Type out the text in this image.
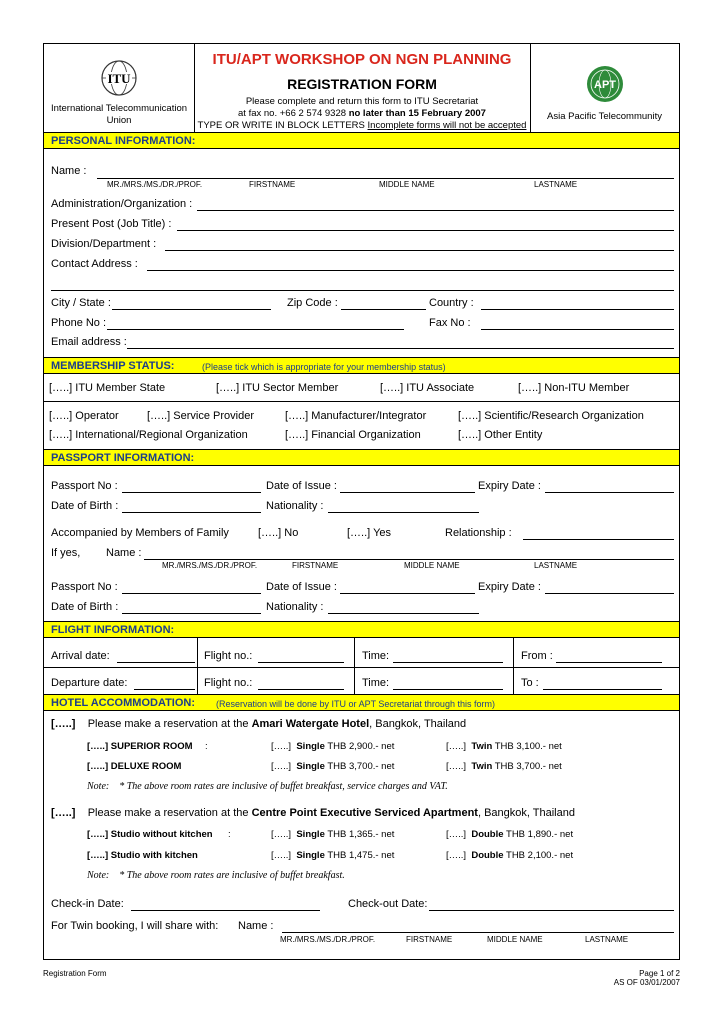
ITU
International Telecommunication Union
ITU/APT WORKSHOP ON NGN PLANNING
REGISTRATION FORM
Please complete and return this form to ITU Secretariat
at fax no. +66 2 574 9328 no later than 15 February 2007
TYPE OR WRITE IN BLOCK LETTERS Incomplete forms will not be accepted
APT
Asia Pacific Telecommunity
PERSONAL INFORMATION:
Name :
MR./MRS./MS./DR./PROF.	FIRSTNAME	MIDDLE NAME	LASTNAME
Administration/Organization :
Present Post (Job Title) :
Division/Department :
Contact Address :
City / State :	Zip Code :	Country :
Phone No :	Fax No :
Email address :
MEMBERSHIP STATUS:	(Please tick which is appropriate for your membership status)
[…..] ITU Member State	[…..] ITU Sector Member	[…..] ITU Associate	[…..] Non-ITU Member
[…..] Operator	[…..] Service Provider	[…..] Manufacturer/Integrator	[…..] Scientific/Research Organization
[…..] International/Regional Organization	[…..] Financial Organization	[…..] Other Entity
PASSPORT INFORMATION:
Passport No :	Date of Issue :	Expiry Date :
Date of Birth :	Nationality :
Accompanied by Members of Family	[…..] No	[…..] Yes	Relationship :
If yes, Name :
MR./MRS./MS./DR./PROF.	FIRSTNAME	MIDDLE NAME	LASTNAME
Passport No :	Date of Issue :	Expiry Date :
Date of Birth :	Nationality :
FLIGHT INFORMATION:
Arrival date:	Flight no.:	Time:	From :
Departure date:	Flight no.:	Time:	To :
HOTEL ACCOMMODATION: (Reservation will be done by ITU or APT Secretariat through this form)
[…..] Please make a reservation at the Amari Watergate Hotel, Bangkok, Thailand
[…..] SUPERIOR ROOM :	[…..] Single THB 2,900.- net	[…..] Twin THB 3,100.- net
[…..] DELUXE ROOM	[…..] Single THB 3,700.- net	[…..] Twin THB 3,700.- net
Note: * The above room rates are inclusive of buffet breakfast, service charges and VAT.
[…..] Please make a reservation at the Centre Point Executive Serviced Apartment, Bangkok, Thailand
[…..] Studio without kitchen :	[…..] Single THB 1,365.- net	[…..] Double THB 1,890.- net
[…..] Studio with kitchen	[…..] Single THB 1,475.- net	[…..] Double THB 2,100.- net
Note: * The above room rates are inclusive of buffet breakfast.
Check-in Date:	Check-out Date:
For Twin booking, I will share with: Name :
MR./MRS./MS./DR./PROF.	FIRSTNAME	MIDDLE NAME	LASTNAME
Registration Form	Page 1 of 2
AS OF 03/01/2007
